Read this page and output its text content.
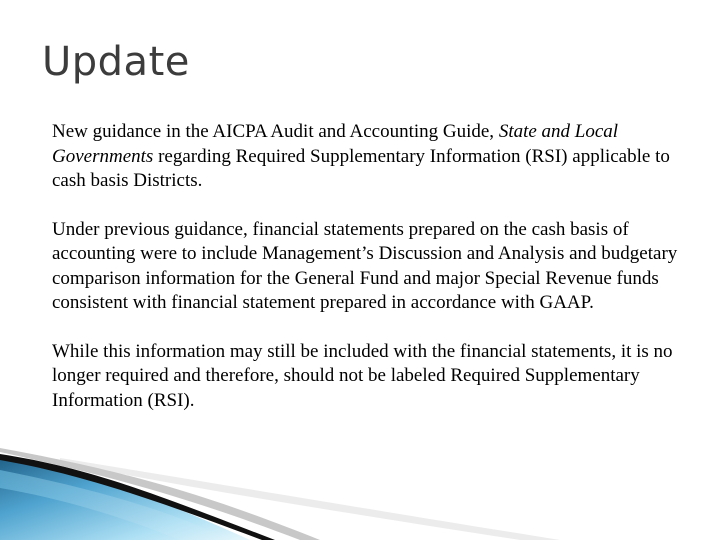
Update

New guidance in the AICPA Audit and Accounting Guide, State and Local Governments regarding Required Supplementary Information (RSI) applicable to cash basis Districts.

Under previous guidance, financial statements prepared on the cash basis of accounting were to include Management’s Discussion and Analysis and budgetary comparison information for the General Fund and major Special Revenue funds consistent with financial statement prepared in accordance with GAAP.

While this information may still be included with the financial statements, it is no longer required and therefore, should not be labeled Required Supplementary Information (RSI).
